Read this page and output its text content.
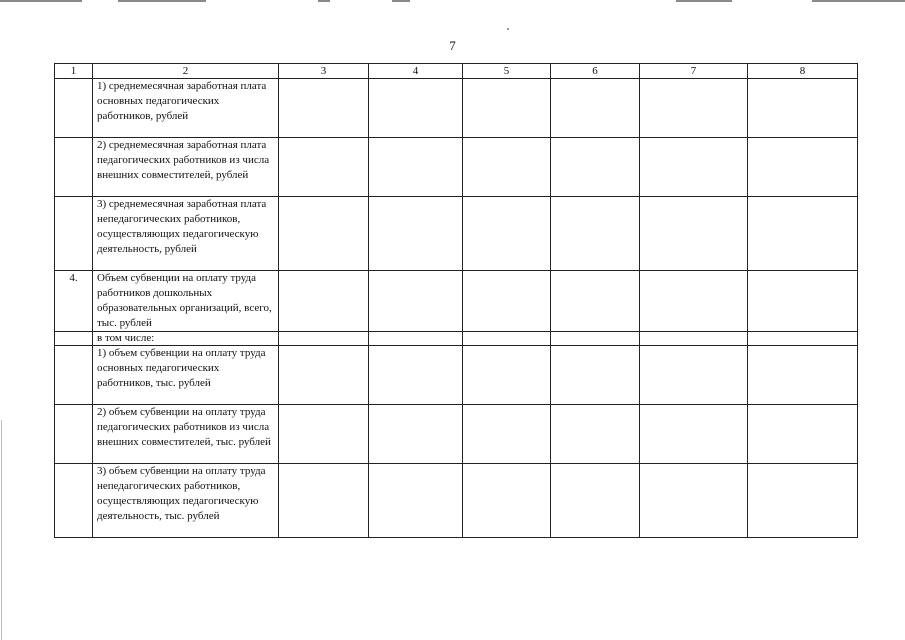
7
1	2	3	4	5	6	7	8
	1) среднемесячная заработная плата основных педагогических работников, рублей						
	2) среднемесячная заработная плата педагогических работников из числа внешних совместителей, рублей						
	3) среднемесячная заработная плата непедагогических работников, осуществляющих педагогическую деятельность, рублей						
4.	Объем субвенции на оплату труда работников дошкольных образовательных организаций, всего, тыс. рублей						
	в том числе:						
	1) объем субвенции на оплату труда основных педагогических работников, тыс. рублей						
	2) объем субвенции на оплату труда педагогических работников из числа внешних совместителей, тыс. рублей						
	3) объем субвенции на оплату труда непедагогических работников, осуществляющих педагогическую деятельность, тыс. рублей						
